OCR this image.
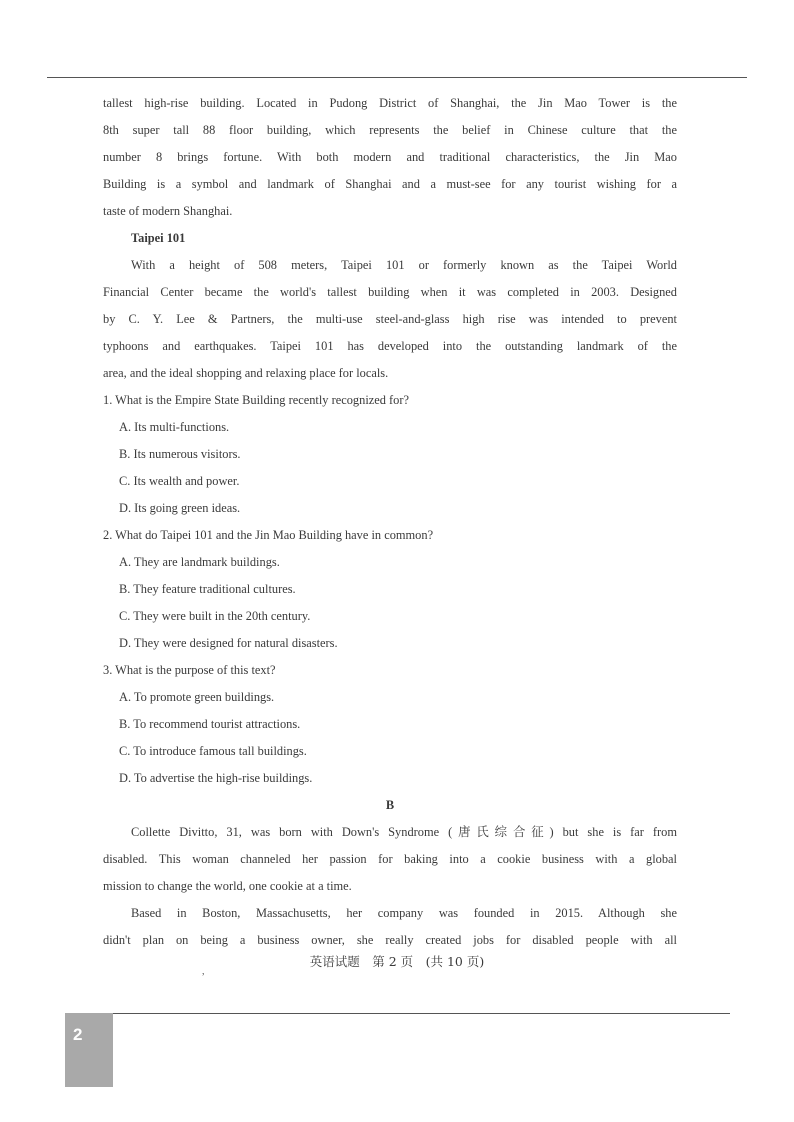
tallest high-rise building. Located in Pudong District of Shanghai, the Jin Mao Tower is the

8th super tall 88 floor building, which represents the belief in Chinese culture that the

number 8 brings fortune. With both modern and traditional characteristics, the Jin Mao

Building is a symbol and landmark of Shanghai and a must-see for any tourist wishing for a

taste of modern Shanghai.

Taipei 101

With a height of 508 meters, Taipei 101 or formerly known as the Taipei World

Financial Center became the world's tallest building when it was completed in 2003. Designed

by C. Y. Lee & Partners, the multi-use steel-and-glass high rise was intended to prevent

typhoons and earthquakes. Taipei 101 has developed into the outstanding landmark of the

area, and the ideal shopping and relaxing place for locals.

1. What is the Empire State Building recently recognized for?

A. Its multi-functions.

B. Its numerous visitors.

C. Its wealth and power.

D. Its going green ideas.

2. What do Taipei 101 and the Jin Mao Building have in common?

A. They are landmark buildings.

B. They feature traditional cultures.

C. They were built in the 20th century.

D. They were designed for natural disasters.

3. What is the purpose of this text?

A. To promote green buildings.

B. To recommend tourist attractions.

C. To introduce famous tall buildings.

D. To advertise the high-rise buildings.

B

Collette Divitto, 31, was born with Down's Syndrome (唐氏综合征) but she is far from

disabled. This woman channeled her passion for baking into a cookie business with a global

mission to change the world, one cookie at a time.

Based in Boston, Massachusetts, her company was founded in 2015. Although she

didn't plan on being a business owner, she really created jobs for disabled people with all

英语试题　第 2 页　(共 10 页)
,
2
